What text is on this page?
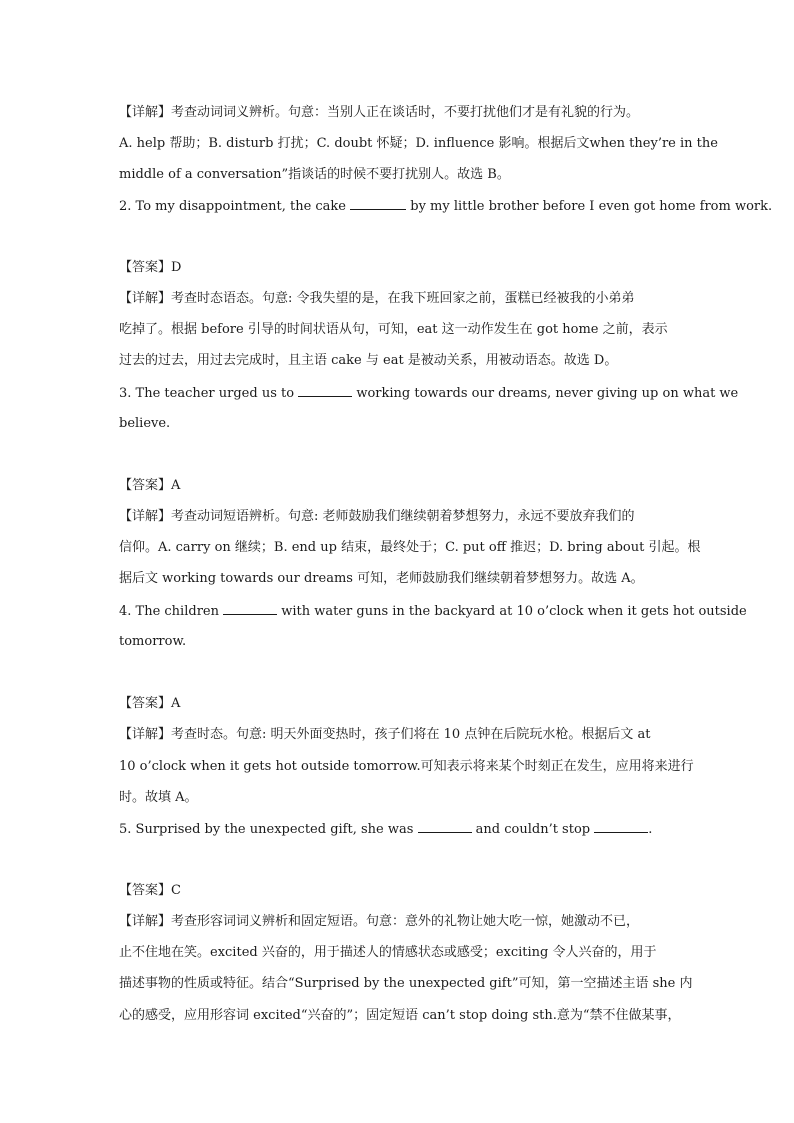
【详解】考查动词词义辨析。句意：当别人正在谈话时，不要打扰他们才是有礼貌的行为。
A. help 帮助；B. disturb 打扰；C. doubt 怀疑；D. influence 影响。根据后文when they’re in the
middle of a conversation”指谈话的时候不要打扰别人。故选 B。
2. To my disappointment, the cake	by my little brother before I even got home from work.
【答案】D
【详解】考查时态语态。句意: 令我失望的是，在我下班回家之前，蛋糕已经被我的小弟弟
吃掉了。根据 before 引导的时间状语从句，可知，eat 这一动作发生在 got home 之前，表示
过去的过去，用过去完成时，且主语 cake 与 eat 是被动关系，用被动语态。故选 D。
3. The teacher urged us to	working towards our dreams, never giving up on what we
believe.
【答案】A
【详解】考查动词短语辨析。句意: 老师鼓励我们继续朝着梦想努力，永远不要放弃我们的
信仰。A. carry on 继续；B. end up 结束，最终处于；C. put off 推迟；D. bring about 引起。根
据后文 working towards our dreams 可知，老师鼓励我们继续朝着梦想努力。故选 A。
4. The children	with water guns in the backyard at 10 o’clock when it gets hot outside
tomorrow.
【答案】A
【详解】考查时态。句意: 明天外面变热时，孩子们将在 10 点钟在后院玩水枪。根据后文 at
10 o’clock when it gets hot outside tomorrow.可知表示将来某个时刻正在发生，应用将来进行
时。故填 A。
5. Surprised by the unexpected gift, she was	and couldn’t stop	.
【答案】C
【详解】考查形容词词义辨析和固定短语。句意：意外的礼物让她大吃一惊，她激动不已，
止不住地在笑。excited 兴奋的，用于描述人的情感状态或感受；exciting 令人兴奋的，用于
描述事物的性质或特征。结合“Surprised by the unexpected gift”可知，第一空描述主语 she 内
心的感受，应用形容词 excited“兴奋的”；固定短语 can’t stop doing sth.意为“禁不住做某事，
